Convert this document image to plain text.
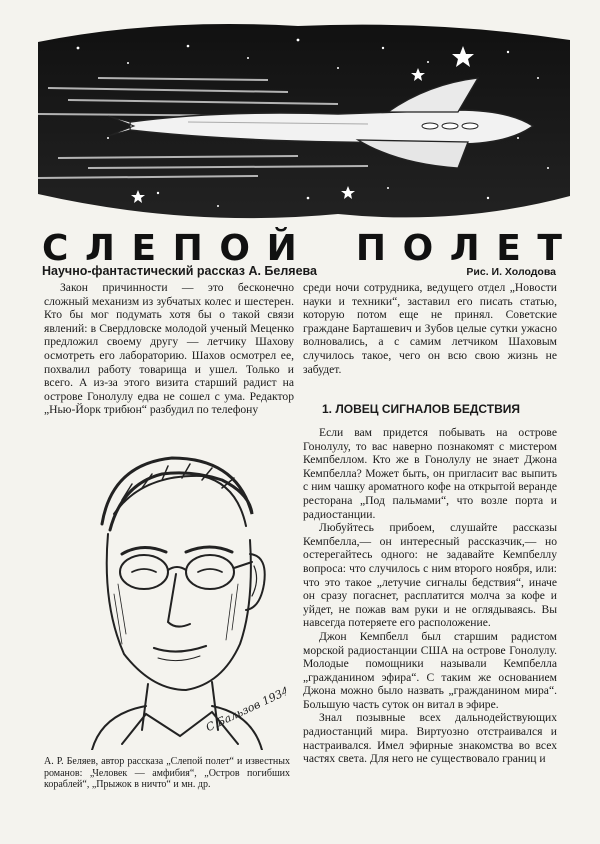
С Л Е П О Й П О Л Е Т
Научно-фантастический рассказ А. Беляева	Рис. И. Холодова

Закон причинности — это бесконечно сложный механизм из зубчатых колес и шестерен. Кто бы мог подумать хотя бы о такой связи явлений: в Свердловске молодой ученый Меценко предложил своему другу — летчику Шахову осмотреть его лабораторию. Шахов осмотрел ее, похвалил работу товарища и ушел. Только и всего. А из-за этого визита старший радист на острове Гонолулу едва не сошел с ума. Редактор „Нью-Йорк трибюн“ разбудил по телефону

среди ночи сотрудника, ведущего отдел „Новости науки и техники“, заставил его писать статью, которую потом еще не принял. Советские граждане Барташевич и Зубов целые сутки ужасно волновались, а с самим летчиком Шаховым случилось такое, чего он всю свою жизнь не забудет.

1. ЛОВЕЦ СИГНАЛОВ БЕДСТВИЯ

Если вам придется побывать на острове Гонолулу, то вас наверно познакомят с мистером Кемпбеллом. Кто же в Гонолулу не знает Джона Кемпбелла? Может быть, он пригласит вас выпить с ним чашку ароматного кофе на открытой веранде ресторана „Под пальмами“, что возле порта и радиостанции.

Любуйтесь прибоем, слушайте рассказы Кемпбелла,— он интересный рассказчик,— но остерегайтесь одного: не задавайте Кемпбеллу вопроса: что случилось с ним второго ноября, или: что это такое „летучие сигналы бедствия“, иначе он сразу погаснет, расплатится молча за кофе и уйдет, не пожав вам руки и не оглядываясь. Вы навсегда потеряете его расположение.

Джон Кемпбелл был старшим радистом морской радиостанции США на острове Гонолулу. Молодые помощники называли Кемпбелла „гражданином эфира“. С таким же основанием Джона можно было назвать „гражданином мира“. Большую часть суток он витал в эфире.

Знал позывные всех дальнодействующих радиостанций мира. Виртуозно отстраивался и настраивался. Имел эфирные знакомства во всех частях света. Для него не существовало границ и

С.Бальзов 1934
А. Р. Беляев, автор рассказа „Слепой полет“ и известных романов: „Человек — амфибия“, „Остров погибших кораблей“, „Прыжок в ничто“ и мн. др.
